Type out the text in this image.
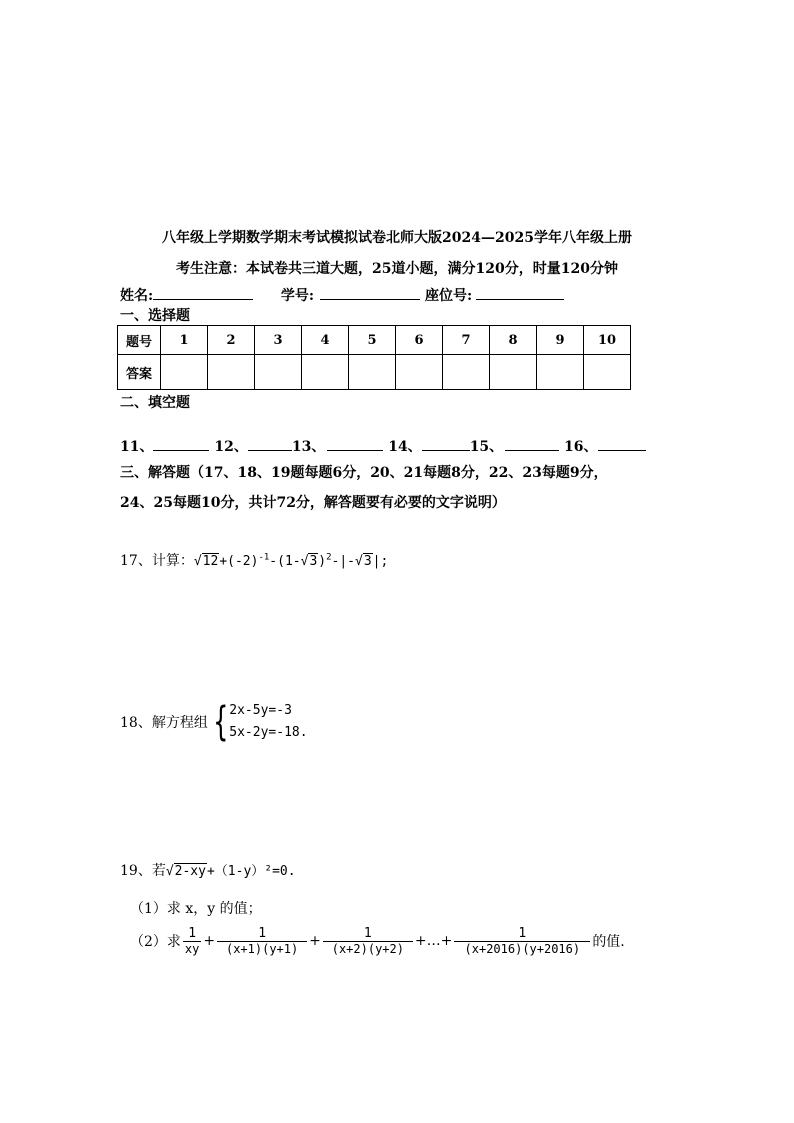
八年级上学期数学期末考试模拟试卷北师大版2024—2025学年八年级上册
考生注意：本试卷共三道大题，25道小题，满分120分，时量120分钟
姓名:	学号:	座位号:
一、选择题
题号	1	2	3	4	5	6	7	8	9	10
答案										
二、填空题
11、	12、	13、	14、	15、	16、
三、解答题（17、18、19题每题6分，20、21每题8分，22、23每题9分，
24、25每题10分，共计72分，解答题要有必要的文字说明）
17、计算：$√12+(-2)^{-1}-(1-√3)^2-|-√3|$;
18、解方程组 { 2x-5y=-3
5x-2y=-18.
19、若√2-xy+（1-y）²=0.
（1）求 x，y 的值；
（2）求 $\frac{1}{xy} + \frac{1}{(x+1)(y+1)} + \frac{1}{(x+2)(y+2)}$ +…+ $\frac{1}{(x+2016)(y+2016)}$ 的值.
